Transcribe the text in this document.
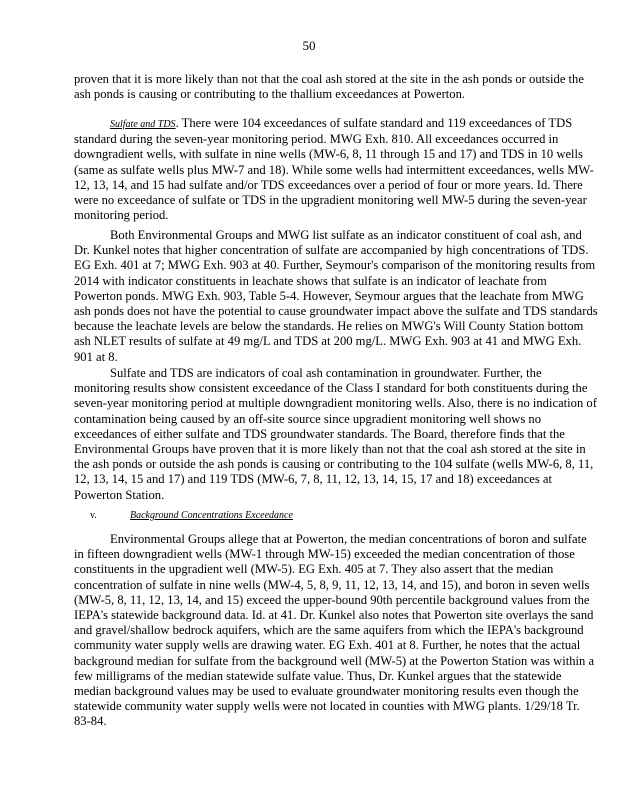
50

proven that it is more likely than not that the coal ash stored at the site in the ash ponds or outside the ash ponds is causing or contributing to the thallium exceedances at Powerton.

Sulfate and TDS. There were 104 exceedances of sulfate standard and 119 exceedances of TDS standard during the seven-year monitoring period. MWG Exh. 810. All exceedances occurred in downgradient wells, with sulfate in nine wells (MW-6, 8, 11 through 15 and 17) and TDS in 10 wells (same as sulfate wells plus MW-7 and 18). While some wells had intermittent exceedances, wells MW-12, 13, 14, and 15 had sulfate and/or TDS exceedances over a period of four or more years. Id. There were no exceedance of sulfate or TDS in the upgradient monitoring well MW-5 during the seven-year monitoring period.

Both Environmental Groups and MWG list sulfate as an indicator constituent of coal ash, and Dr. Kunkel notes that higher concentration of sulfate are accompanied by high concentrations of TDS. EG Exh. 401 at 7; MWG Exh. 903 at 40. Further, Seymour's comparison of the monitoring results from 2014 with indicator constituents in leachate shows that sulfate is an indicator of leachate from Powerton ponds. MWG Exh. 903, Table 5-4. However, Seymour argues that the leachate from MWG ash ponds does not have the potential to cause groundwater impact above the sulfate and TDS standards because the leachate levels are below the standards. He relies on MWG's Will County Station bottom ash NLET results of sulfate at 49 mg/L and TDS at 200 mg/L. MWG Exh. 903 at 41 and MWG Exh. 901 at 8.

Sulfate and TDS are indicators of coal ash contamination in groundwater. Further, the monitoring results show consistent exceedance of the Class I standard for both constituents during the seven-year monitoring period at multiple downgradient monitoring wells. Also, there is no indication of contamination being caused by an off-site source since upgradient monitoring well shows no exceedances of either sulfate and TDS groundwater standards. The Board, therefore finds that the Environmental Groups have proven that it is more likely than not that the coal ash stored at the site in the ash ponds or outside the ash ponds is causing or contributing to the 104 sulfate (wells MW-6, 8, 11, 12, 13, 14, 15 and 17) and 119 TDS (MW-6, 7, 8, 11, 12, 13, 14, 15, 17 and 18) exceedances at Powerton Station.

v.	Background Concentrations Exceedance

Environmental Groups allege that at Powerton, the median concentrations of boron and sulfate in fifteen downgradient wells (MW-1 through MW-15) exceeded the median concentration of those constituents in the upgradient well (MW-5). EG Exh. 405 at 7. They also assert that the median concentration of sulfate in nine wells (MW-4, 5, 8, 9, 11, 12, 13, 14, and 15), and boron in seven wells (MW-5, 8, 11, 12, 13, 14, and 15) exceed the upper-bound 90th percentile background values from the IEPA's statewide background data. Id. at 41. Dr. Kunkel also notes that Powerton site overlays the sand and gravel/shallow bedrock aquifers, which are the same aquifers from which the IEPA's background community water supply wells are drawing water. EG Exh. 401 at 8. Further, he notes that the actual background median for sulfate from the background well (MW-5) at the Powerton Station was within a few milligrams of the median statewide sulfate value. Thus, Dr. Kunkel argues that the statewide median background values may be used to evaluate groundwater monitoring results even though the statewide community water supply wells were not located in counties with MWG plants. 1/29/18 Tr. 83-84.
